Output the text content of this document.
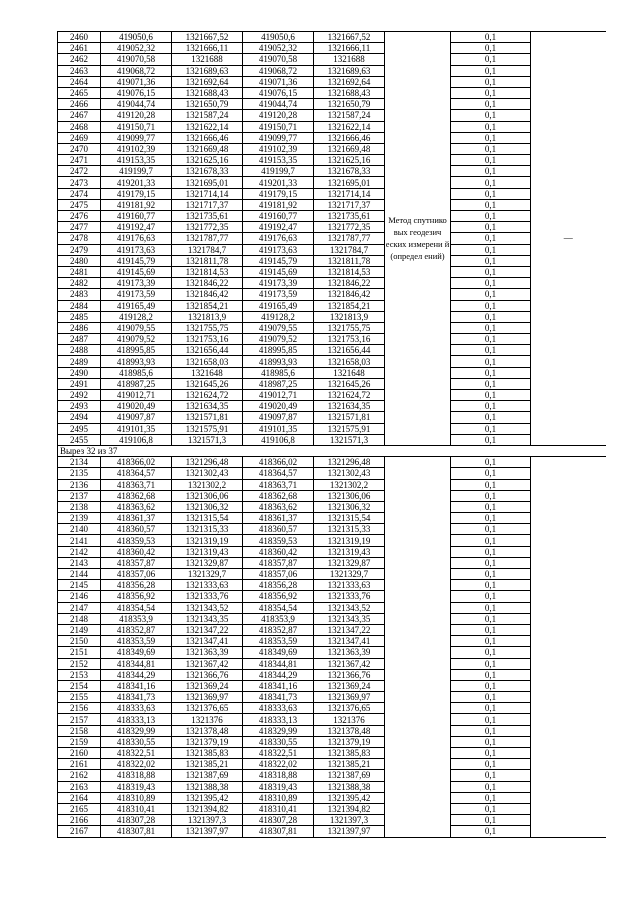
2460	419050,6	1321667,52	419050,6	1321667,52	Метод спутнико вых геодезич еских измерени й (определ ений)	0,1	—
2461	419052,32	1321666,11	419052,32	1321666,11		0,1	
2462	419070,58	1321688	419070,58	1321688		0,1	
2463	419068,72	1321689,63	419068,72	1321689,63		0,1	
2464	419071,36	1321692,64	419071,36	1321692,64		0,1	
2465	419076,15	1321688,43	419076,15	1321688,43		0,1	
2466	419044,74	1321650,79	419044,74	1321650,79		0,1	
2467	419120,28	1321587,24	419120,28	1321587,24		0,1	
2468	419150,71	1321622,14	419150,71	1321622,14		0,1	
2469	419099,77	1321666,46	419099,77	1321666,46		0,1	
2470	419102,39	1321669,48	419102,39	1321669,48		0,1	
2471	419153,35	1321625,16	419153,35	1321625,16		0,1	
2472	419199,7	1321678,33	419199,7	1321678,33		0,1	
2473	419201,33	1321695,01	419201,33	1321695,01		0,1	
2474	419179,15	1321714,14	419179,15	1321714,14		0,1	
2475	419181,92	1321717,37	419181,92	1321717,37		0,1	
2476	419160,77	1321735,61	419160,77	1321735,61		0,1	
2477	419192,47	1321772,35	419192,47	1321772,35		0,1	
2478	419176,63	1321787,77	419176,63	1321787,77		0,1	
2479	419173,63	1321784,7	419173,63	1321784,7		0,1	
2480	419145,79	1321811,78	419145,79	1321811,78		0,1	
2481	419145,69	1321814,53	419145,69	1321814,53		0,1	
2482	419173,39	1321846,22	419173,39	1321846,22		0,1	
2483	419173,59	1321846,42	419173,59	1321846,42		0,1	
2484	419165,49	1321854,21	419165,49	1321854,21		0,1	
2485	419128,2	1321813,9	419128,2	1321813,9		0,1	
2486	419079,55	1321755,75	419079,55	1321755,75		0,1	
2487	419079,52	1321753,16	419079,52	1321753,16		0,1	
2488	418995,85	1321656,44	418995,85	1321656,44		0,1	
2489	418993,93	1321658,03	418993,93	1321658,03		0,1	
2490	418985,6	1321648	418985,6	1321648		0,1	
2491	418987,25	1321645,26	418987,25	1321645,26		0,1	
2492	419012,71	1321624,72	419012,71	1321624,72		0,1	
2493	419020,49	1321634,35	419020,49	1321634,35		0,1	
2494	419097,87	1321571,81	419097,87	1321571,81		0,1	
2495	419101,35	1321575,91	419101,35	1321575,91		0,1	
2455	419106,8	1321571,3	419106,8	1321571,3		0,1	
Вырез 32 из 37							
2134	418366,02	1321296,48	418366,02	1321296,48		0,1	
2135	418364,57	1321302,43	418364,57	1321302,43		0,1	
2136	418363,71	1321302,2	418363,71	1321302,2		0,1	
2137	418362,68	1321306,06	418362,68	1321306,06		0,1	
2138	418363,62	1321306,32	418363,62	1321306,32		0,1	
2139	418361,37	1321315,54	418361,37	1321315,54		0,1	
2140	418360,57	1321315,33	418360,57	1321315,33		0,1	
2141	418359,53	1321319,19	418359,53	1321319,19		0,1	
2142	418360,42	1321319,43	418360,42	1321319,43		0,1	
2143	418357,87	1321329,87	418357,87	1321329,87		0,1	
2144	418357,06	1321329,7	418357,06	1321329,7		0,1	
2145	418356,28	1321333,63	418356,28	1321333,63		0,1	
2146	418356,92	1321333,76	418356,92	1321333,76		0,1	
2147	418354,54	1321343,52	418354,54	1321343,52		0,1	
2148	418353,9	1321343,35	418353,9	1321343,35		0,1	
2149	418352,87	1321347,22	418352,87	1321347,22		0,1	
2150	418353,59	1321347,41	418353,59	1321347,41		0,1	
2151	418349,69	1321363,39	418349,69	1321363,39		0,1	
2152	418344,81	1321367,42	418344,81	1321367,42		0,1	
2153	418344,29	1321366,76	418344,29	1321366,76		0,1	
2154	418341,16	1321369,24	418341,16	1321369,24		0,1	
2155	418341,73	1321369,97	418341,73	1321369,97		0,1	
2156	418333,63	1321376,65	418333,63	1321376,65		0,1	
2157	418333,13	1321376	418333,13	1321376		0,1	
2158	418329,99	1321378,48	418329,99	1321378,48		0,1	
2159	418330,55	1321379,19	418330,55	1321379,19		0,1	
2160	418322,51	1321385,83	418322,51	1321385,83		0,1	
2161	418322,02	1321385,21	418322,02	1321385,21		0,1	
2162	418318,88	1321387,69	418318,88	1321387,69		0,1	
2163	418319,43	1321388,38	418319,43	1321388,38		0,1	
2164	418310,89	1321395,42	418310,89	1321395,42		0,1	
2165	418310,41	1321394,82	418310,41	1321394,82		0,1	
2166	418307,28	1321397,3	418307,28	1321397,3		0,1	
2167	418307,81	1321397,97	418307,81	1321397,97		0,1	
